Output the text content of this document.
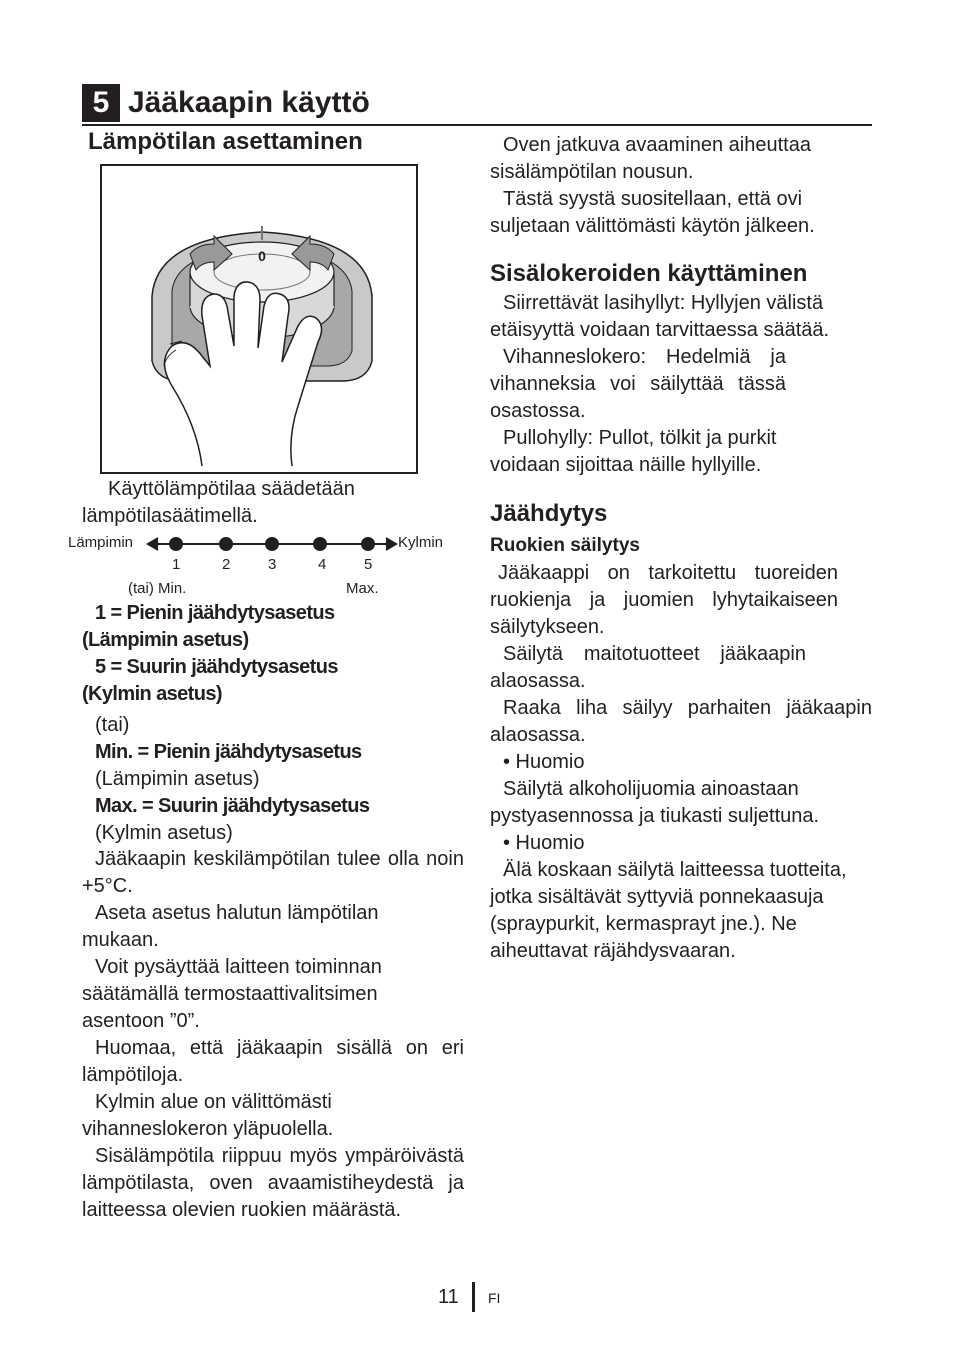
5 Jääkaapin käyttö
Lämpötilan asettaminen
0

Käyttölämpötilaa säädetään lämpötilasäätimellä.

Lämpimin	Kylmin
1	2	3	4	5
(tai) Min.	Max.

1 = Pienin jäähdytysasetus

(Lämpimin asetus)

5 = Suurin jäähdytysasetus

(Kylmin asetus)

(tai)

Min. = Pienin jäähdytysasetus

(Lämpimin asetus)

Max. = Suurin jäähdytysasetus

(Kylmin asetus)

Jääkaapin keskilämpötilan tulee olla noin +5°C.

Aseta asetus halutun lämpötilan mukaan.

Voit pysäyttää laitteen toiminnan säätämällä termostaattivalitsimen asentoon ”0”.

Huomaa, että jääkaapin sisällä on eri lämpötiloja.

Kylmin alue on välittömästi vihanneslokeron yläpuolella.

Sisälämpötila riippuu myös ympäröivästä lämpötilasta, oven avaamistiheydestä ja laitteessa olevien ruokien määrästä.

Oven jatkuva avaaminen aiheuttaa sisälämpötilan nousun.

Tästä syystä suositellaan, että ovi suljetaan välittömästi käytön jälkeen.

Sisälokeroiden käyttäminen

Siirrettävät lasihyllyt: Hyllyjen välistä etäisyyttä voidaan tarvittaessa säätää.

Vihanneslokero: Hedelmiä ja vihanneksia voi säilyttää tässä osastossa.

Pullohylly: Pullot, tölkit ja purkit voidaan sijoittaa näille hyllyille.

Jäähdytys
Ruokien säilytys

Jääkaappi on tarkoitettu tuoreiden ruokienja ja juomien lyhytaikaiseen säilytykseen.

Säilytä maitotuotteet jääkaapin alaosassa.

Raaka liha säilyy parhaiten jääkaapin alaosassa.

• Huomio

Säilytä alkoholijuomia ainoastaan pystyasennossa ja tiukasti suljettuna.

• Huomio

Älä koskaan säilytä laitteessa tuotteita, jotka sisältävät syttyviä ponnekaasuja (spraypurkit, kermasprayt jne.). Ne aiheuttavat räjähdysvaaran.

11 FI
